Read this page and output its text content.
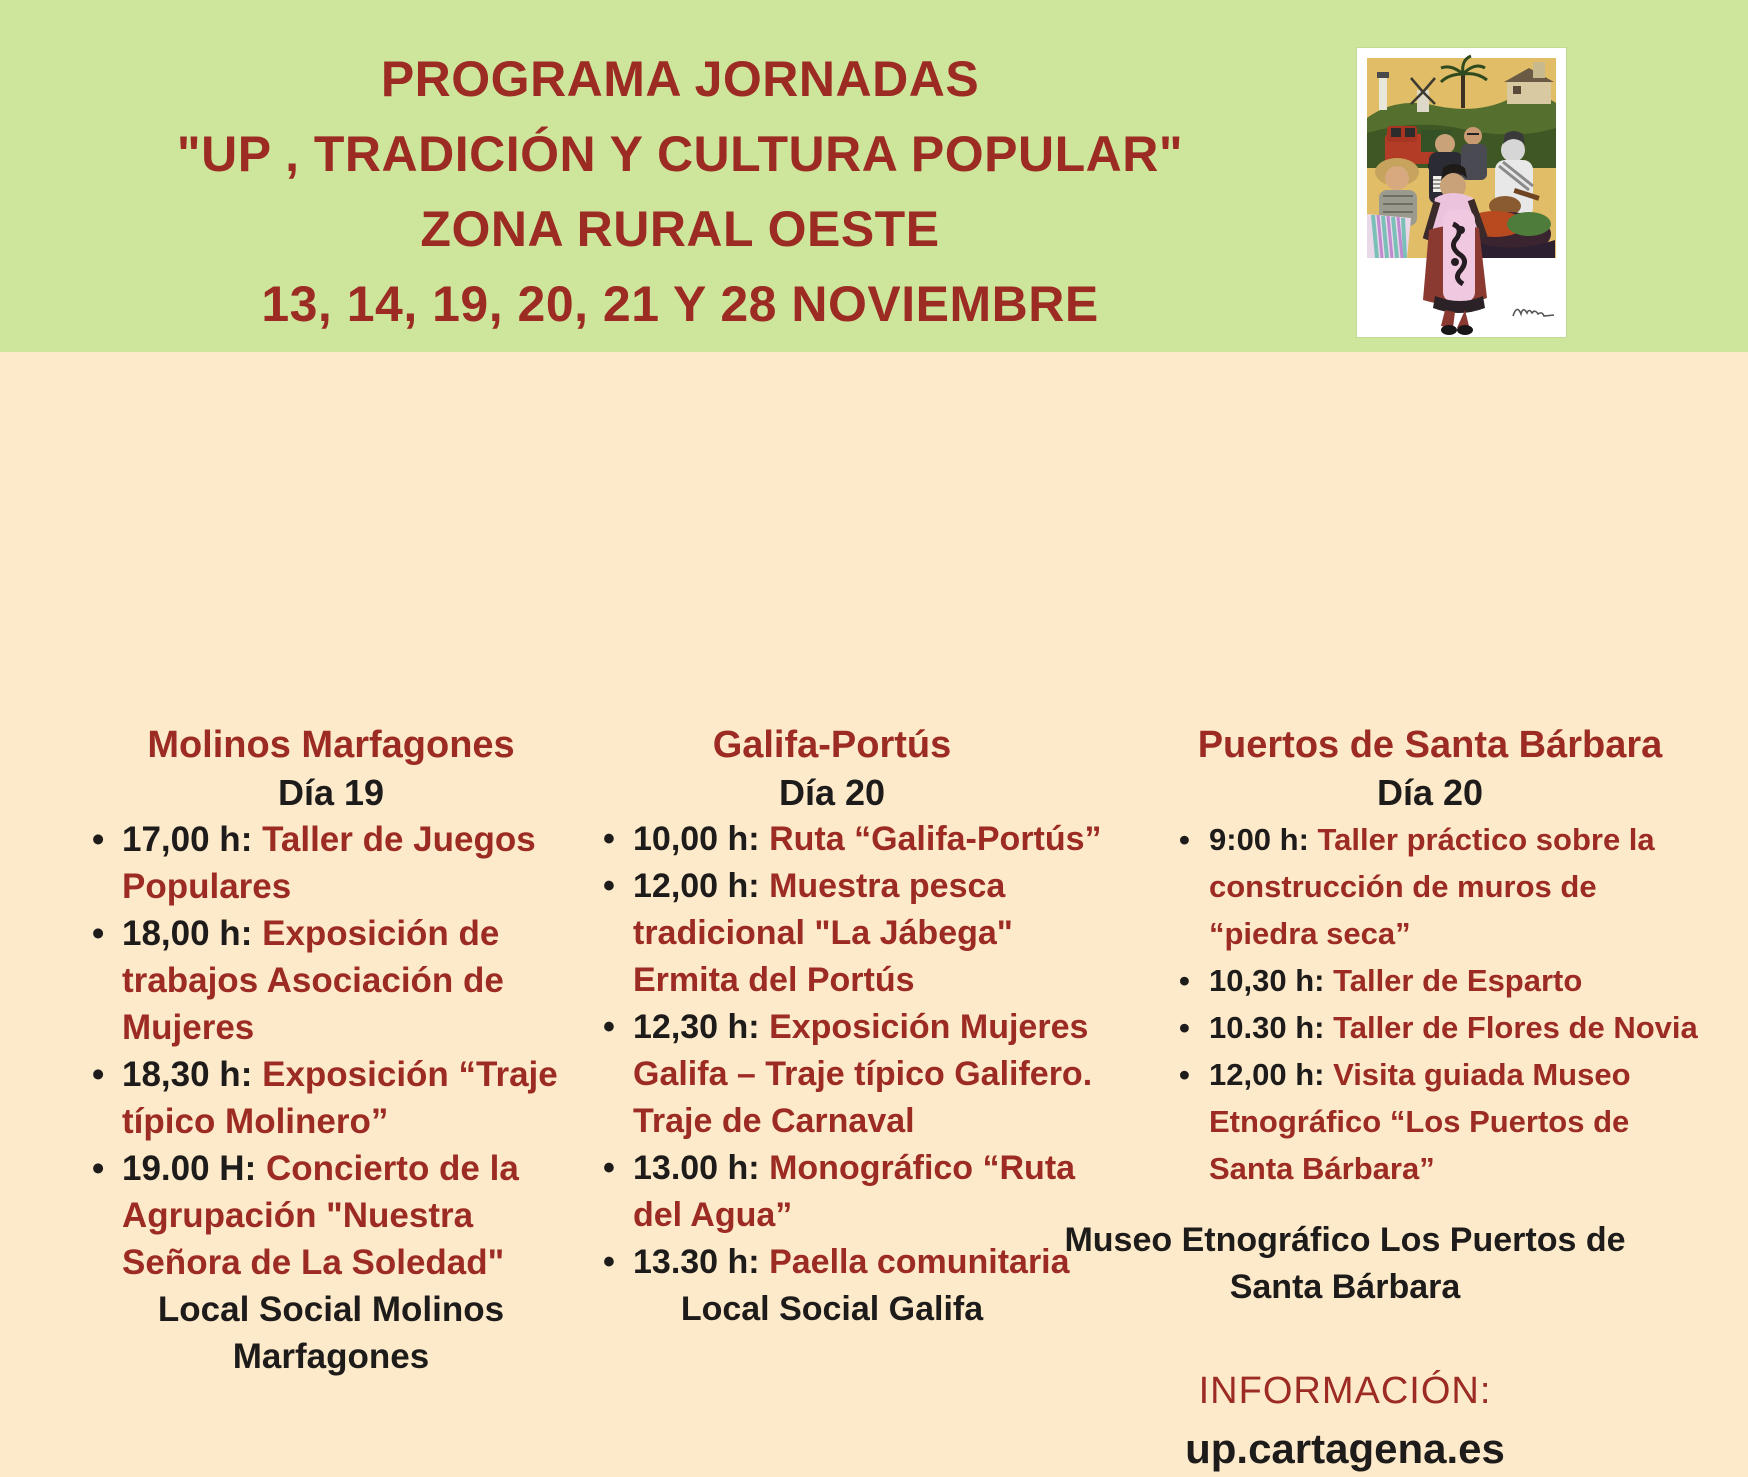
PROGRAMA JORNADAS
"UP , TRADICIÓN Y CULTURA POPULAR"
ZONA RURAL OESTE
13, 14, 19, 20, 21 Y 28 NOVIEMBRE
Molinos Marfagones
Día 19
• 17,00 h: Taller de Juegos Populares
• 18,00 h: Exposición de trabajos Asociación de Mujeres
• 18,30 h: Exposición “Traje típico Molinero”
• 19.00 H: Concierto de la Agrupación "Nuestra Señora de La Soledad"
Local Social Molinos Marfagones
Galifa-Portús
Día 20
• 10,00 h: Ruta “Galifa-Portús”
• 12,00 h: Muestra pesca tradicional "La Jábega" Ermita del Portús
• 12,30 h: Exposición Mujeres Galifa – Traje típico Galifero. Traje de Carnaval
• 13.00 h: Monográfico “Ruta del Agua”
• 13.30 h: Paella comunitaria
Local Social Galifa
Puertos de Santa Bárbara
Día 20
• 9:00 h: Taller práctico sobre la construcción de muros de “piedra seca”
• 10,30 h: Taller de Esparto
• 10.30 h: Taller de Flores de Novia
• 12,00 h: Visita guiada Museo Etnográfico “Los Puertos de Santa Bárbara”
Museo Etnográfico Los Puertos de Santa Bárbara
INFORMACIÓN:
up.cartagena.es
